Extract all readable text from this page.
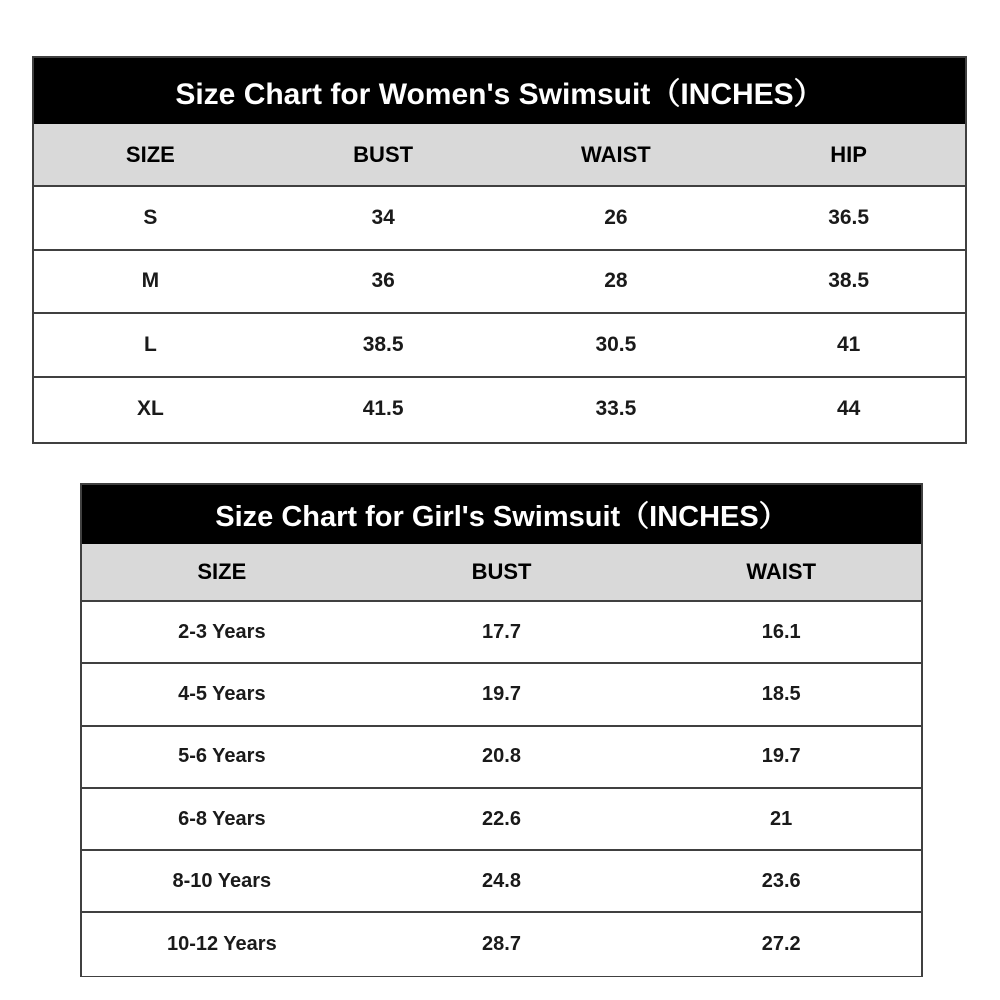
Size Chart for Women's Swimsuit（INCHES）
SIZE	BUST	WAIST	HIP
S	34	26	36.5
M	36	28	38.5
L	38.5	30.5	41
XL	41.5	33.5	44
Size Chart for Girl's Swimsuit（INCHES）
SIZE	BUST	WAIST
2-3 Years	17.7	16.1
4-5 Years	19.7	18.5
5-6 Years	20.8	19.7
6-8 Years	22.6	21
8-10 Years	24.8	23.6
10-12 Years	28.7	27.2
